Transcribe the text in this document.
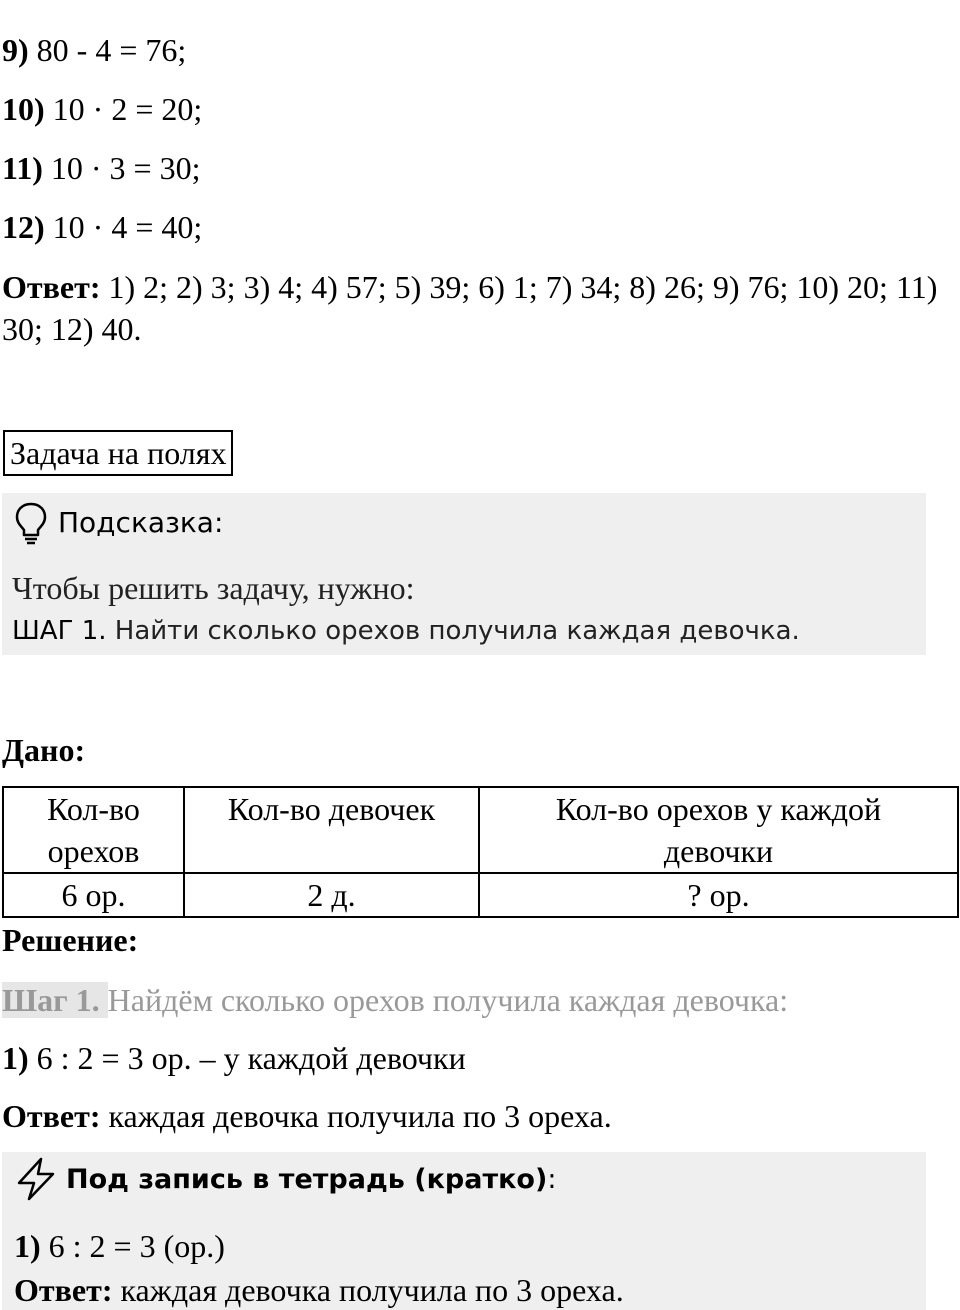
9) 80 - 4 = 76;
10) 10 · 2 = 20;
11) 10 · 3 = 30;
12) 10 · 4 = 40;
Ответ: 1) 2; 2) 3; 3) 4; 4) 57; 5) 39; 6) 1; 7) 34; 8) 26; 9) 76; 10) 20; 11) 30; 12) 40.
Задача на полях
Подсказка:
Чтобы решить задачу, нужно:
ШАГ 1. Найти сколько орехов получила каждая девочка.
Дано:
Кол-во орехов	Кол-во девочек	Кол-во орехов у каждой девочки

6 ор.	2 д.	? ор.
Решение:
Шаг 1. Найдём сколько орехов получила каждая девочка:
1) 6 : 2 = 3 ор. – у каждой девочки
Ответ: каждая девочка получила по 3 ореха.
Под запись в тетрадь (кратко):
1) 6 : 2 = 3 (ор.)
Ответ: каждая девочка получила по 3 ореха.
